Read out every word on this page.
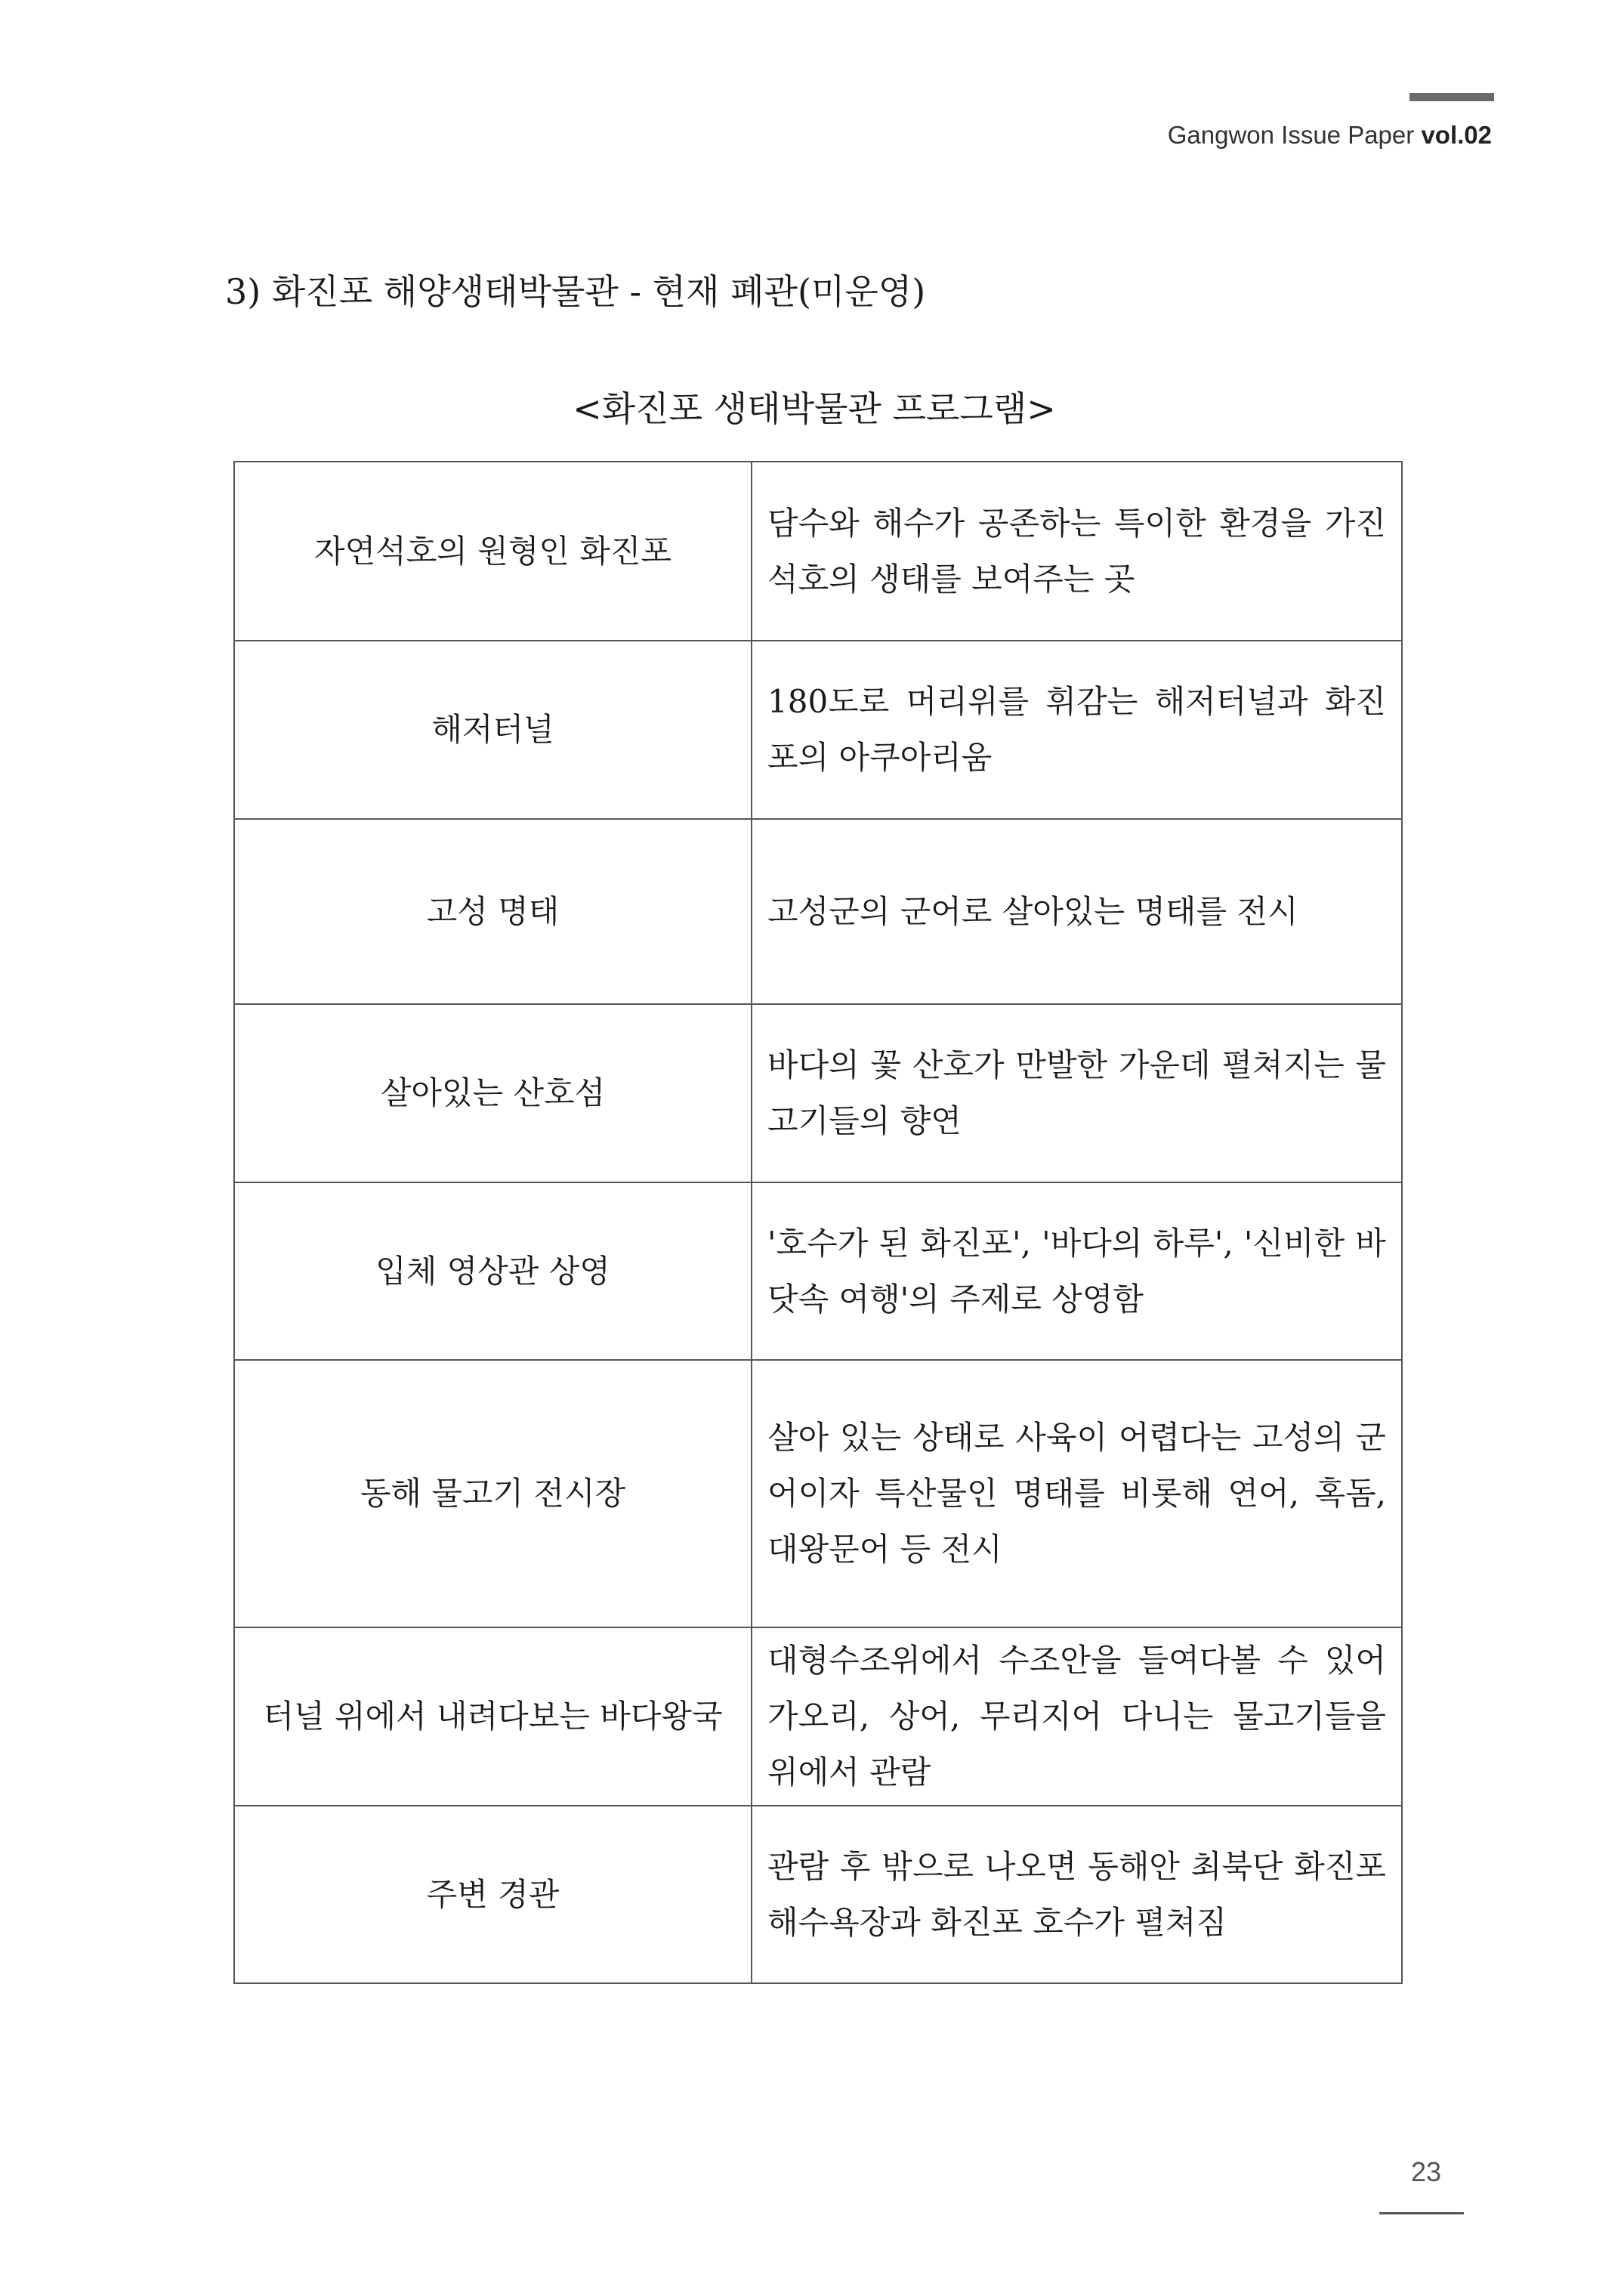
Gangwon Issue Paper vol.02
3) 화진포 해양생태박물관 - 현재 폐관(미운영)
<화진포 생태박물관 프로그램>
자연석호의 원형인 화진포	담수와 해수가 공존하는 특이한 환경을 가진 석호의 생태를 보여주는 곳
해저터널	180도로 머리위를 휘감는 해저터널과 화진포의 아쿠아리움
고성 명태	고성군의 군어로 살아있는 명태를 전시
살아있는 산호섬	바다의 꽃 산호가 만발한 가운데 펼쳐지는 물고기들의 향연
입체 영상관 상영	'호수가 된 화진포', '바다의 하루', '신비한 바닷속 여행'의 주제로 상영함
동해 물고기 전시장	살아 있는 상태로 사육이 어렵다는 고성의 군어이자 특산물인 명태를 비롯해 연어, 혹돔, 대왕문어 등 전시
터널 위에서 내려다보는 바다왕국	대형수조위에서 수조안을 들여다볼 수 있어 가오리, 상어, 무리지어 다니는 물고기들을 위에서 관람
주변 경관	관람 후 밖으로 나오면 동해안 최북단 화진포 해수욕장과 화진포 호수가 펼쳐짐
23
